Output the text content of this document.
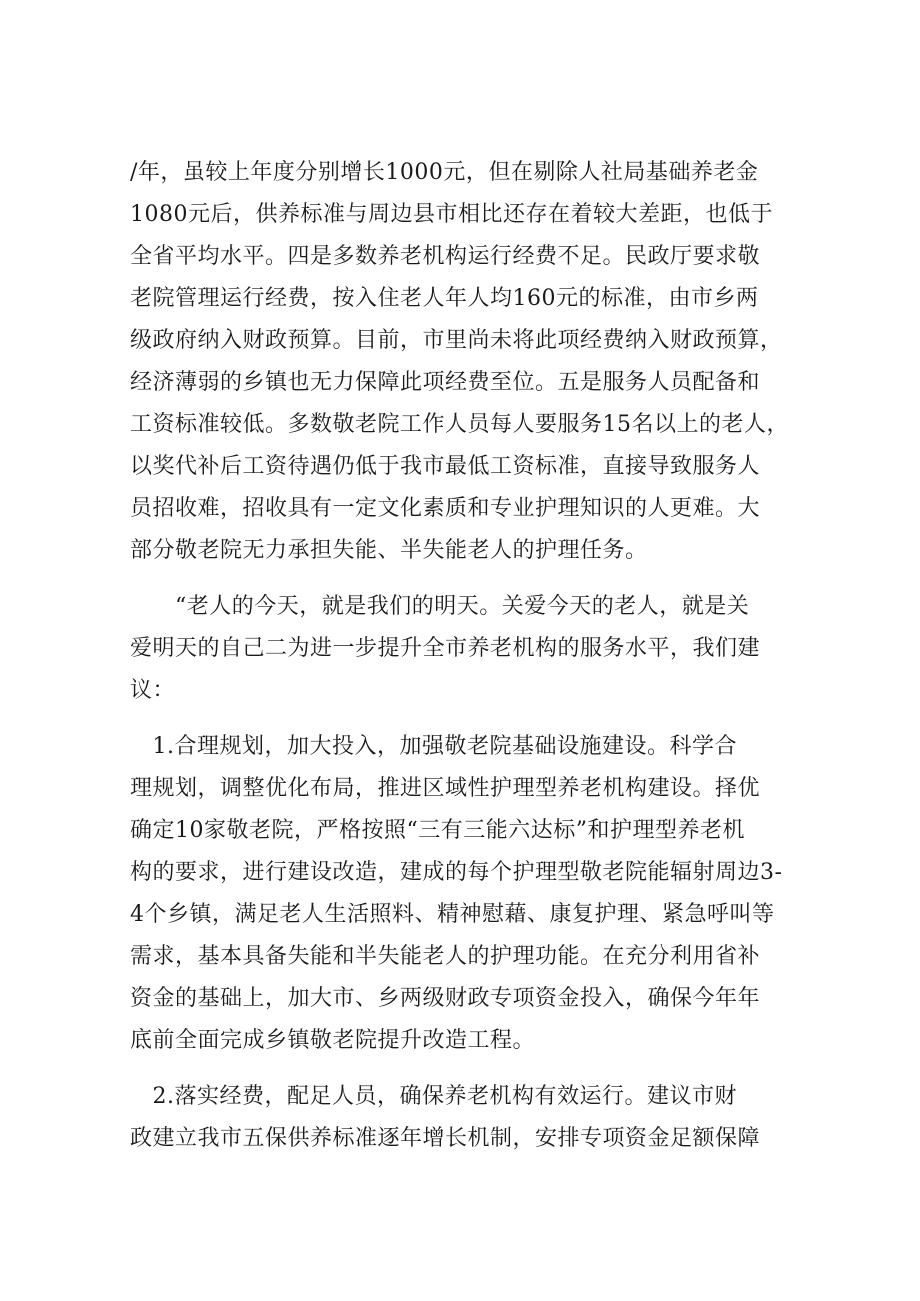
/年，虽较上年度分别增长1000元，但在剔除人社局基础养老金
1080元后，供养标准与周边县市相比还存在着较大差距，也低于
全省平均水平。四是多数养老机构运行经费不足。民政厅要求敬
老院管理运行经费，按入住老人年人均160元的标准，由市乡两
级政府纳入财政预算。目前，市里尚未将此项经费纳入财政预算，
经济薄弱的乡镇也无力保障此项经费至位。五是服务人员配备和
工资标准较低。多数敬老院工作人员每人要服务15名以上的老人，
以奖代补后工资待遇仍低于我市最低工资标准，直接导致服务人
员招收难，招收具有一定文化素质和专业护理知识的人更难。大
部分敬老院无力承担失能、半失能老人的护理任务。
　　“老人的今天，就是我们的明天。关爱今天的老人，就是关
爱明天的自己二为进一步提升全市养老机构的服务水平，我们建
议：
　1.合理规划，加大投入，加强敬老院基础设施建设。科学合
理规划，调整优化布局，推进区域性护理型养老机构建设。择优
确定10家敬老院，严格按照“三有三能六达标”和护理型养老机
构的要求，进行建设改造，建成的每个护理型敬老院能辐射周边3-
4个乡镇，满足老人生活照料、精神慰藉、康复护理、紧急呼叫等
需求，基本具备失能和半失能老人的护理功能。在充分利用省补
资金的基础上，加大市、乡两级财政专项资金投入，确保今年年
底前全面完成乡镇敬老院提升改造工程。
　2.落实经费，配足人员，确保养老机构有效运行。建议市财
政建立我市五保供养标准逐年增长机制，安排专项资金足额保障
